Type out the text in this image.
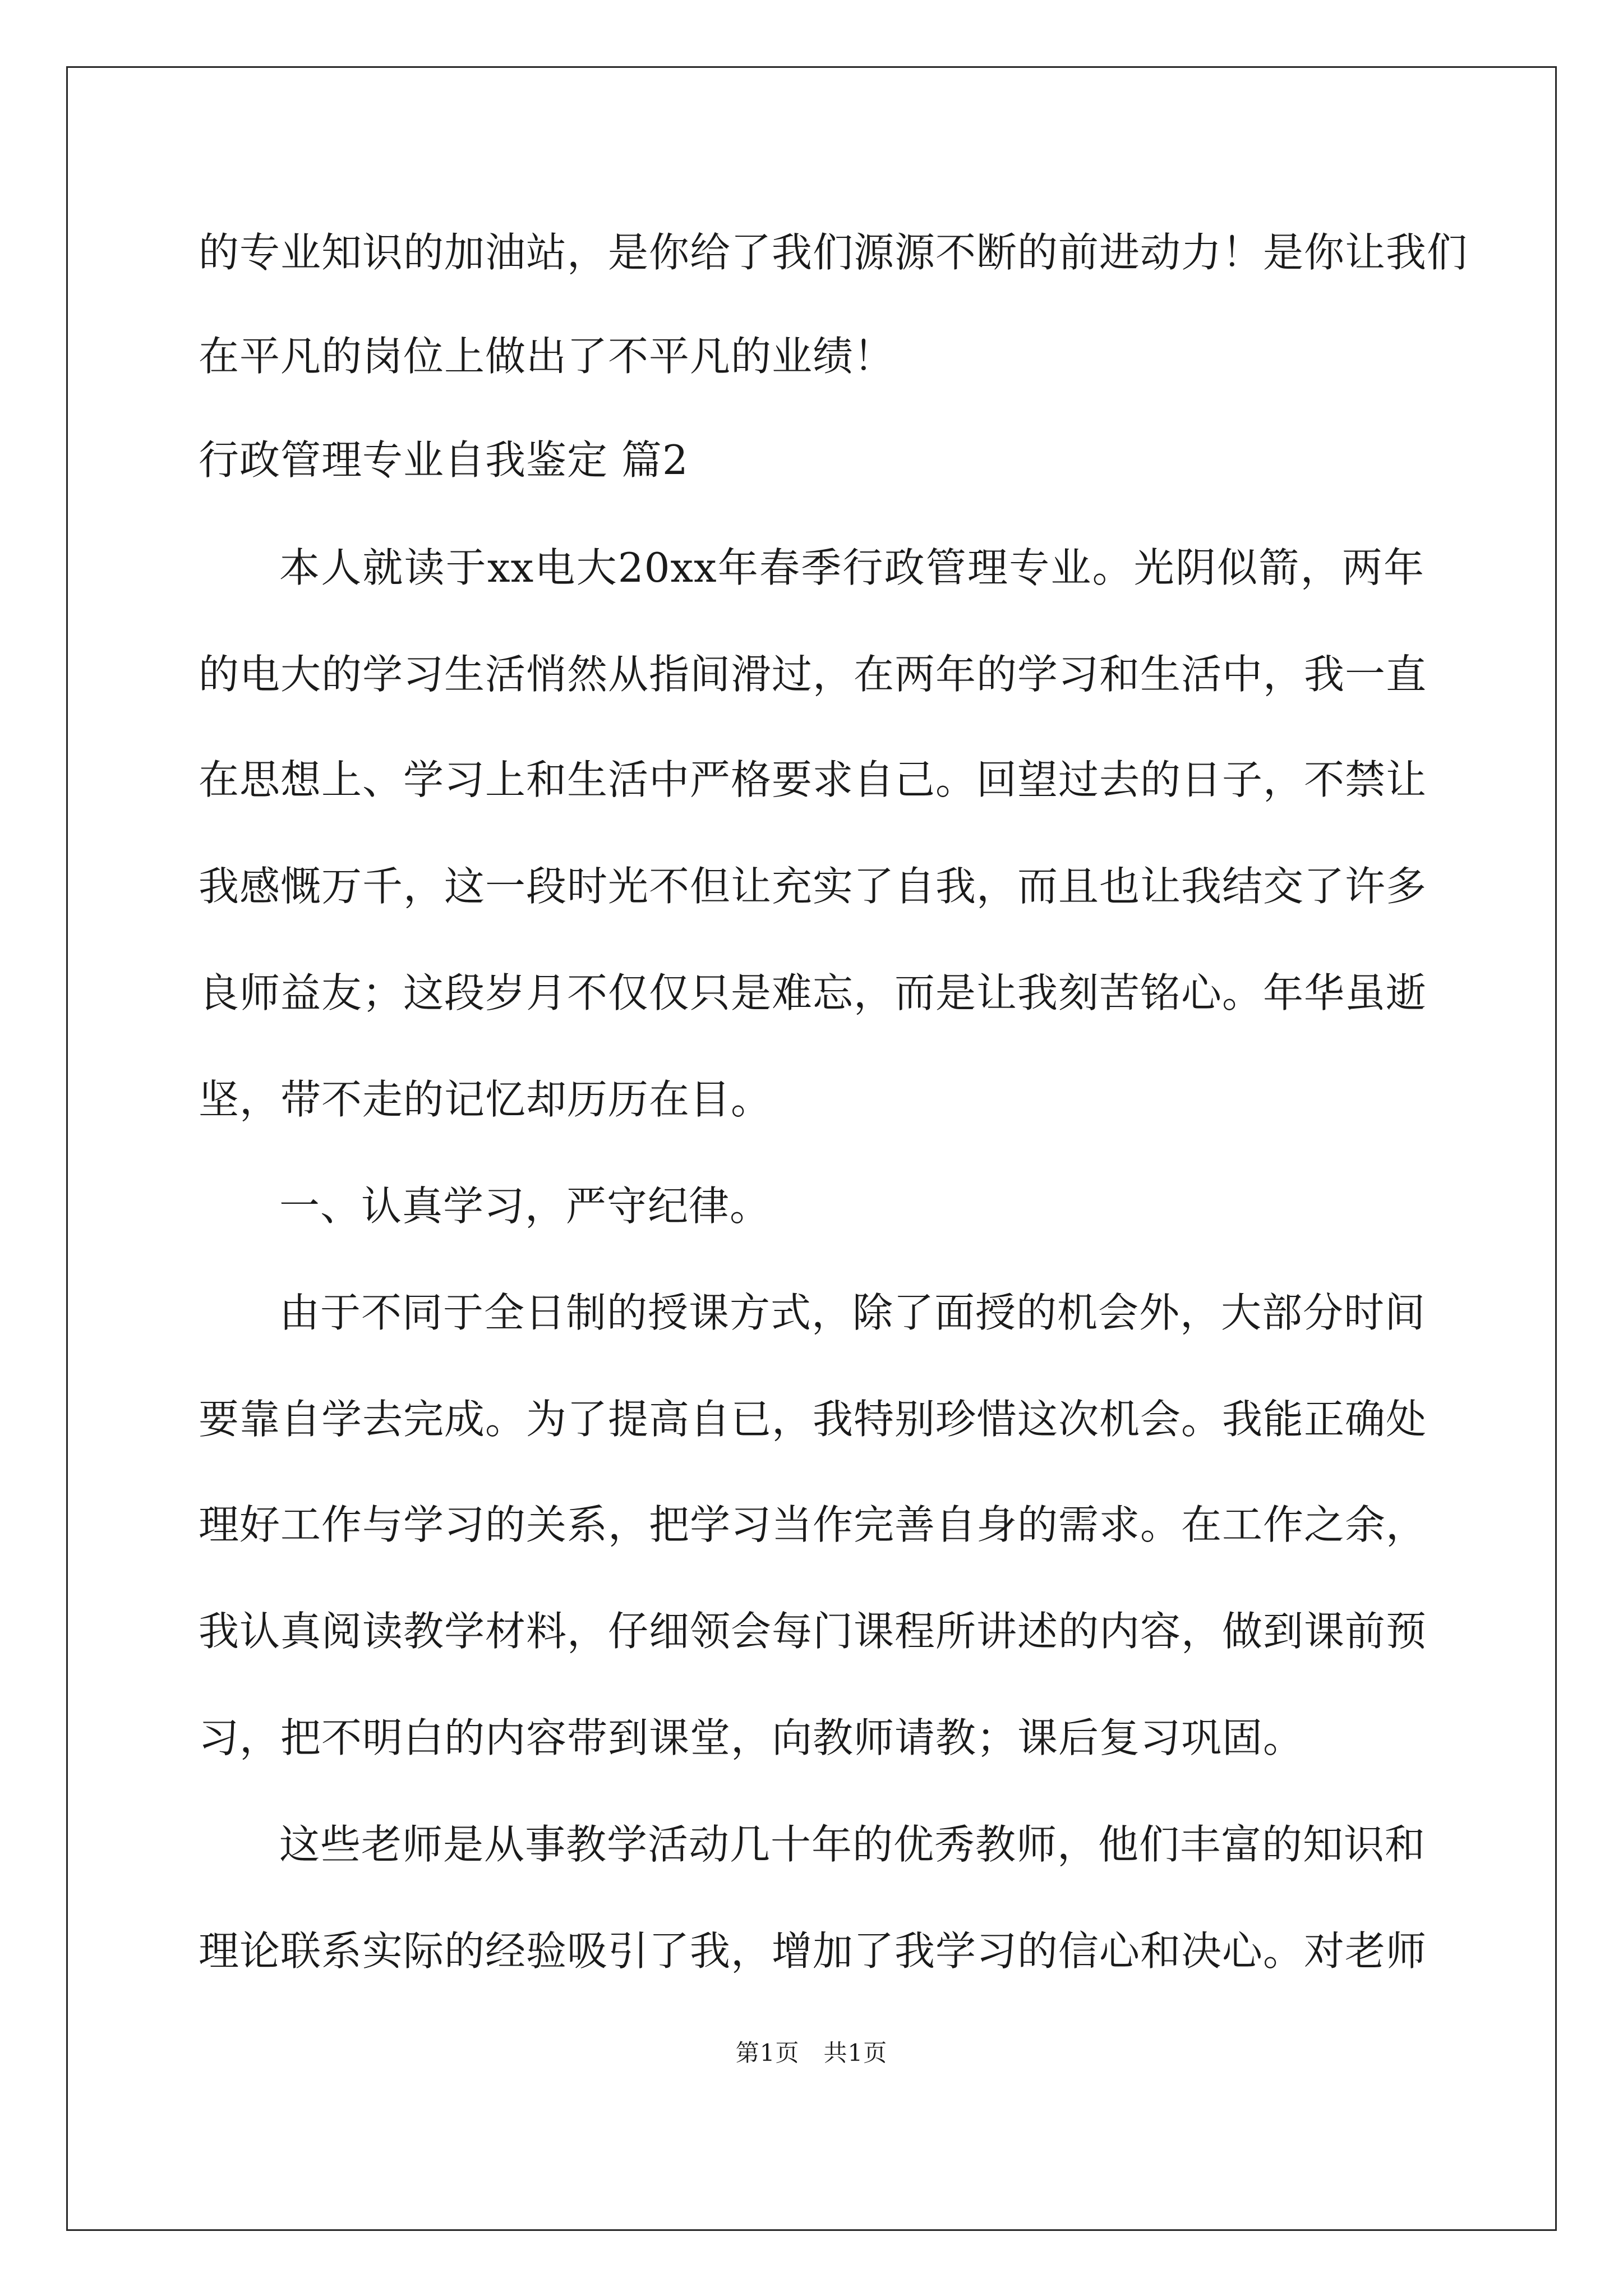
的专业知识的加油站，是你给了我们源源不断的前进动力！是你让我们
在平凡的岗位上做出了不平凡的业绩！
行政管理专业自我鉴定 篇2
本人就读于xx电大20xx年春季行政管理专业。光阴似箭，两年
的电大的学习生活悄然从指间滑过，在两年的学习和生活中，我一直
在思想上、学习上和生活中严格要求自己。回望过去的日子，不禁让
我感慨万千，这一段时光不但让充实了自我，而且也让我结交了许多
良师益友；这段岁月不仅仅只是难忘，而是让我刻苦铭心。年华虽逝
坚，带不走的记忆却历历在目。
一、认真学习，严守纪律。
由于不同于全日制的授课方式，除了面授的机会外，大部分时间
要靠自学去完成。为了提高自已，我特别珍惜这次机会。我能正确处
理好工作与学习的关系，把学习当作完善自身的需求。在工作之余，
我认真阅读教学材料，仔细领会每门课程所讲述的内容，做到课前预
习，把不明白的内容带到课堂，向教师请教；课后复习巩固。
这些老师是从事教学活动几十年的优秀教师，他们丰富的知识和
理论联系实际的经验吸引了我，增加了我学习的信心和决心。对老师
第1页　共1页
